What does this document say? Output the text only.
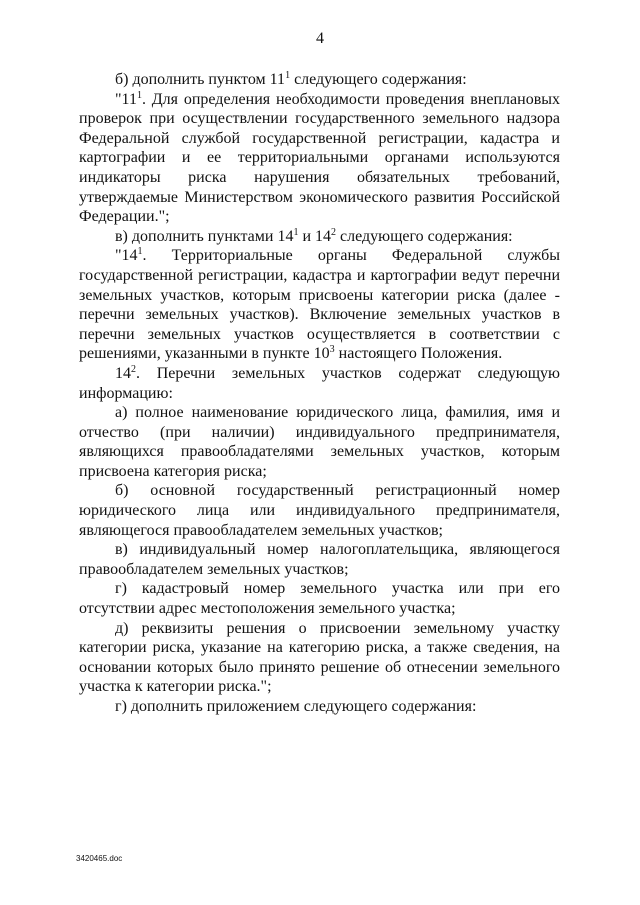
4

б) дополнить пунктом $11^1$ следующего содержания:

"$11^1$. Для определения необходимости проведения внеплановых проверок при осуществлении государственного земельного надзора Федеральной службой государственной регистрации, кадастра и картографии и ее территориальными органами используются индикаторы риска нарушения обязательных требований, утверждаемые Министерством экономического развития Российской Федерации.";

в) дополнить пунктами $14^1$ и $14^2$ следующего содержания:

"$14^1$. Территориальные органы Федеральной службы государственной регистрации, кадастра и картографии ведут перечни земельных участков, которым присвоены категории риска (далее - перечни земельных участков). Включение земельных участков в перечни земельных участков осуществляется в соответствии с решениями, указанными в пункте $10^3$ настоящего Положения.

$14^2$. Перечни земельных участков содержат следующую информацию:

а) полное наименование юридического лица, фамилия, имя и отчество (при наличии) индивидуального предпринимателя, являющихся правообладателями земельных участков, которым присвоена категория риска;

б) основной государственный регистрационный номер юридического лица или индивидуального предпринимателя, являющегося правообладателем земельных участков;

в) индивидуальный номер налогоплательщика, являющегося правообладателем земельных участков;

г) кадастровый номер земельного участка или при его отсутствии адрес местоположения земельного участка;

д) реквизиты решения о присвоении земельному участку категории риска, указание на категорию риска, а также сведения, на основании которых было принято решение об отнесении земельного участка к категории риска.";

г) дополнить приложением следующего содержания:

3420465.doc
